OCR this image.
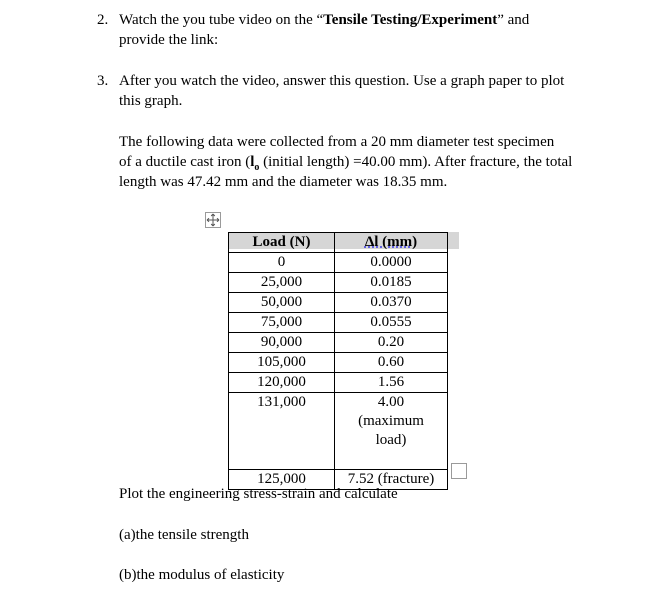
2. Watch the you tube video on the “Tensile Testing/Experiment” and
provide the link:
3. After you watch the video, answer this question. Use a graph paper to plot
this graph.
The following data were collected from a 20 mm diameter test specimen
of a ductile cast iron ($l_o$ (initial length) =40.00 mm). After fracture, the total
length was 47.42 mm and the diameter was 18.35 mm.
Load (N)	Δl (mm)
0	0.0000
25,000	0.0185
50,000	0.0370
75,000	0.0555
90,000	0.20
105,000	0.60
120,000	1.56
131,000	4.00
(maximum
load)

125,000	7.52 (fracture)
Plot the engineering stress-strain and calculate
(a)the tensile strength
(b)the modulus of elasticity
